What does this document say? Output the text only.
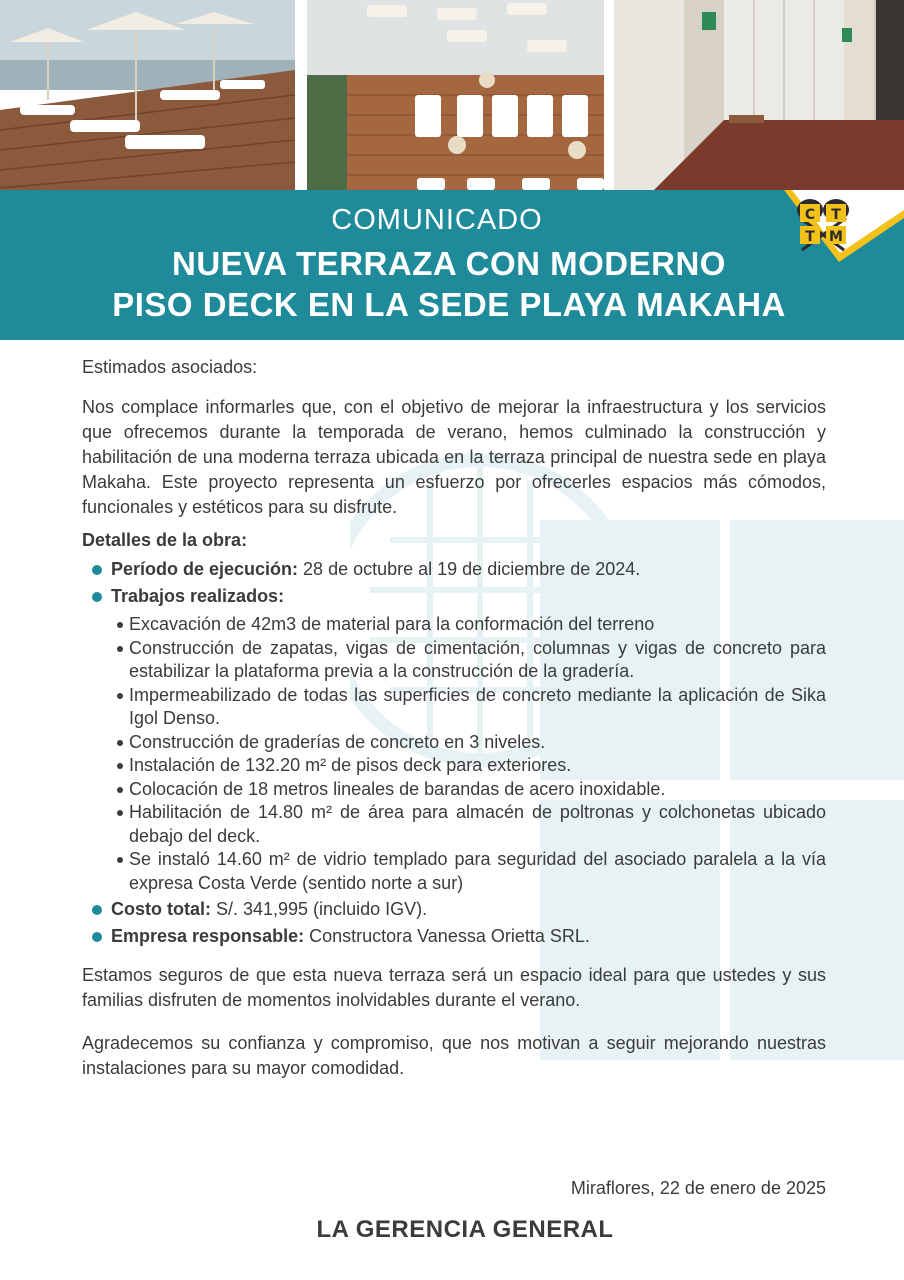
C T
T M
COMUNICADO
NUEVA TERRAZA CON MODERNO
PISO DECK EN LA SEDE PLAYA MAKAHA
Estimados asociados:
Nos complace informarles que, con el objetivo de mejorar la infraestructura y los servicios que ofrecemos durante la temporada de verano, hemos culminado la construcción y habilitación de una moderna terraza ubicada en la terraza principal de nuestra sede en playa Makaha. Este proyecto representa un esfuerzo por ofrecerles espacios más cómodos, funcionales y estéticos para su disfrute.
Detalles de la obra:
Período de ejecución: 28 de octubre al 19 de diciembre de 2024.
Trabajos realizados:
Excavación de 42m3 de material para la conformación del terreno
Construcción de zapatas, vigas de cimentación, columnas y vigas de concreto para estabilizar la plataforma previa a la construcción de la gradería.
Impermeabilizado de todas las superficies de concreto mediante la aplicación de Sika Igol Denso.
Construcción de graderías de concreto en 3 niveles.
Instalación de 132.20 m² de pisos deck para exteriores.
Colocación de 18 metros lineales de barandas de acero inoxidable.
Habilitación de 14.80 m² de área para almacén de poltronas y colchonetas ubicado debajo del deck.
Se instaló 14.60 m² de vidrio templado para seguridad del asociado paralela a la vía expresa Costa Verde (sentido norte a sur)
Costo total: S/. 341,995 (incluido IGV).
Empresa responsable: Constructora Vanessa Orietta SRL.
Estamos seguros de que esta nueva terraza será un espacio ideal para que ustedes y sus familias disfruten de momentos inolvidables durante el verano.
Agradecemos su confianza y compromiso, que nos motivan a seguir mejorando nuestras instalaciones para su mayor comodidad.
Miraflores, 22 de enero de 2025
LA GERENCIA GENERAL
